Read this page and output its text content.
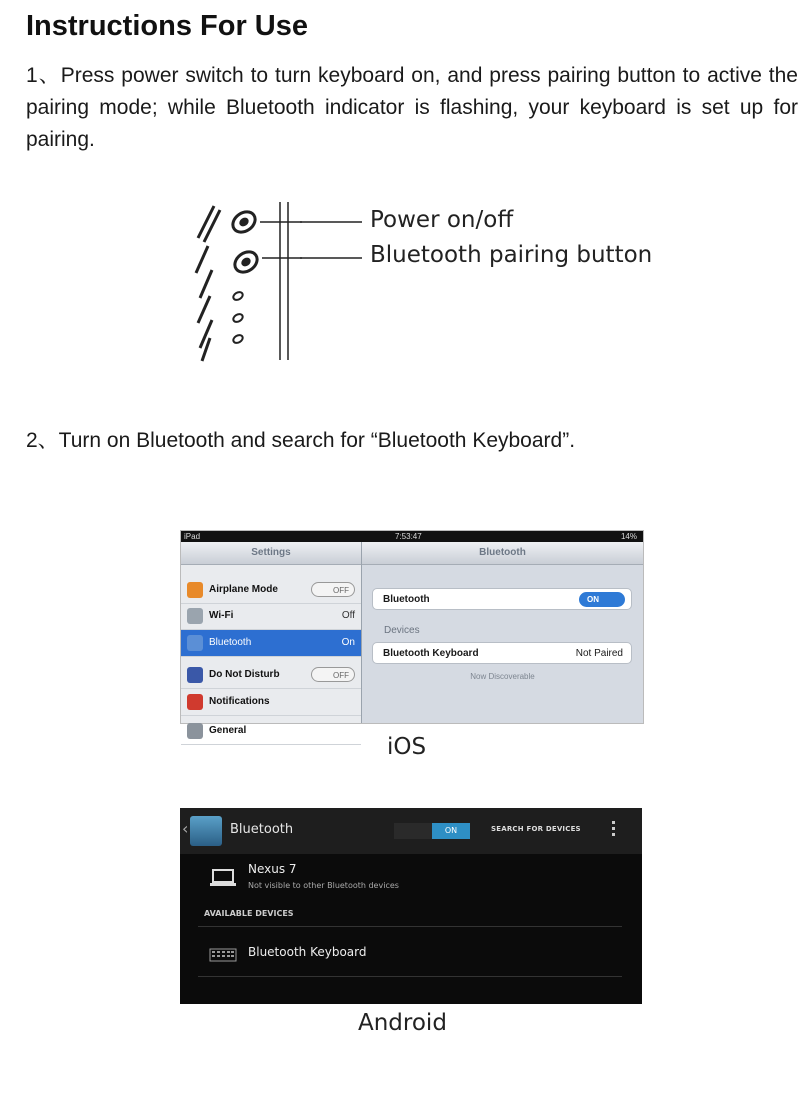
Instructions For Use
1、Press power switch to turn keyboard on, and press pairing button to active the pairing mode; while Bluetooth indicator is flashing, your keyboard is set up for pairing.
Power on/off
Bluetooth pairing button
2、Turn on Bluetooth and search for “Bluetooth Keyboard”.
iPad	7:53:47	14%
Settings
Airplane Mode	OFF
Wi-Fi	Off
Bluetooth	On
Do Not Disturb	OFF
Notifications
General
Bluetooth
Bluetooth	ON
Devices
Bluetooth Keyboard	Not Paired
Now Discoverable
iOS
‹	Bluetooth	ON	SEARCH FOR DEVICES
Nexus 7
Not visible to other Bluetooth devices
AVAILABLE DEVICES
Bluetooth Keyboard
Android
